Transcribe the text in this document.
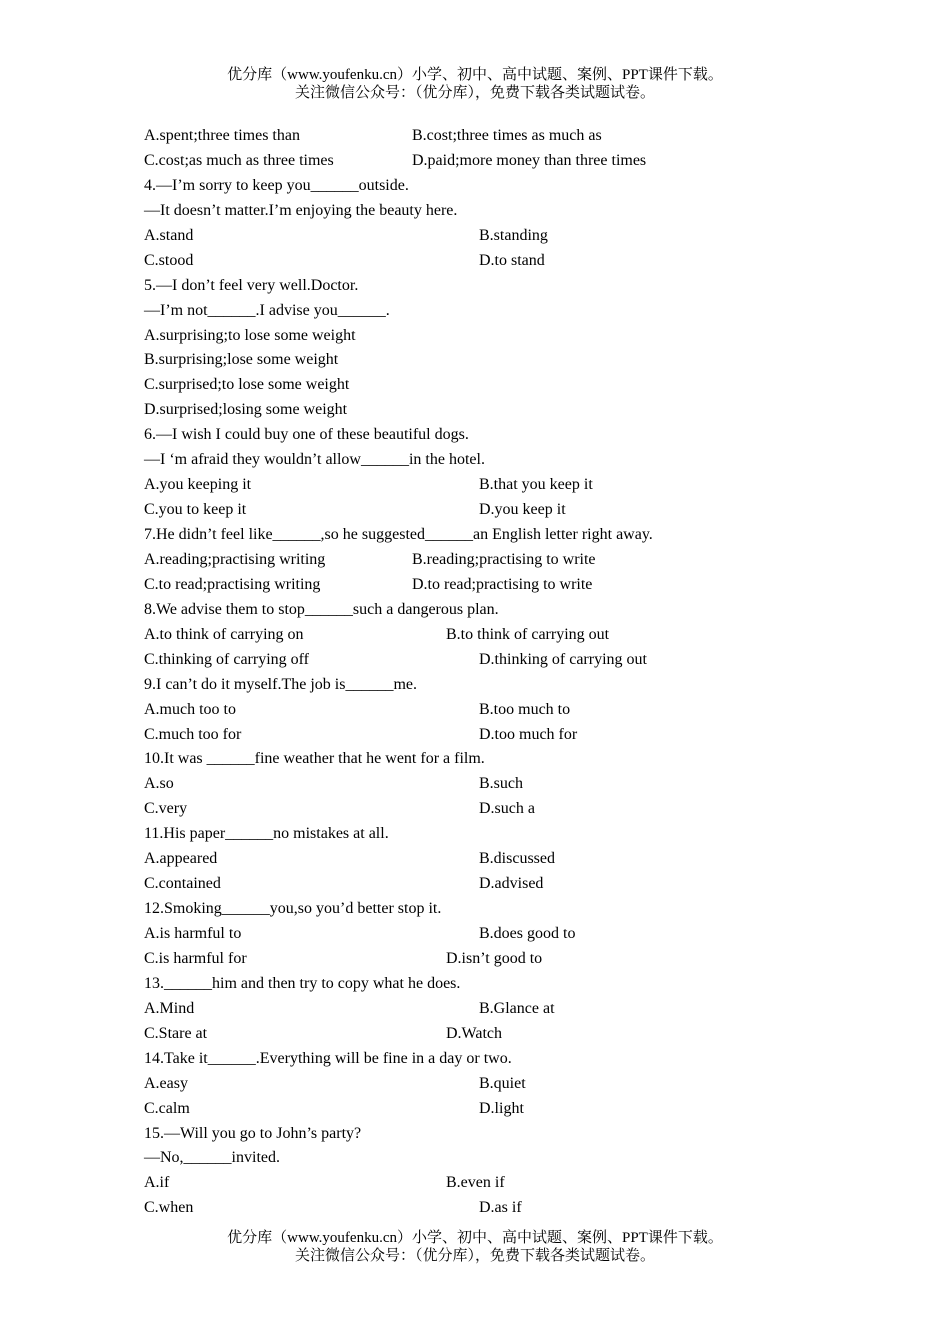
优分库（www.youfenku.cn）小学、初中、高中试题、案例、PPT课件下载。
关注微信公众号：（优分库），免费下载各类试题试卷。
A.spent;three times than	B.cost;three times as much as
C.cost;as much as three times	D.paid;more money than three times
4.—I’m sorry to keep you______outside.
—It doesn’t matter.I’m enjoying the beauty here.
A.stand	B.standing
C.stood	D.to stand
5.—I don’t feel very well.Doctor.
—I’m not______.I advise you______.
A.surprising;to lose some weight
B.surprising;lose some weight
C.surprised;to lose some weight
D.surprised;losing some weight
6.—I wish I could buy one of these beautiful dogs.
—I ‘m afraid they wouldn’t allow______in the hotel.
A.you keeping it	B.that you keep it
C.you to keep it	D.you keep it
7.He didn’t feel like______,so he suggested______an English letter right away.
A.reading;practising writing	B.reading;practising to write
C.to read;practising writing	D.to read;practising to write
8.We advise them to stop______such a dangerous plan.
A.to think of carrying on	B.to think of carrying out
C.thinking of carrying off	D.thinking of carrying out
9.I can’t do it myself.The job is______me.
A.much too to	B.too much to
C.much too for	D.too much for
10.It was ______fine weather that he went for a film.
A.so	B.such
C.very	D.such a
11.His paper______no mistakes at all.
A.appeared	B.discussed
C.contained	D.advised
12.Smoking______you,so you’d better stop it.
A.is harmful to	B.does good to
C.is harmful for	D.isn’t good to
13.______him and then try to copy what he does.
A.Mind	B.Glance at
C.Stare at	D.Watch
14.Take it______.Everything will be fine in a day or two.
A.easy	B.quiet
C.calm	D.light
15.—Will you go to John’s party?
—No,______invited.
A.if	B.even if
C.when	D.as if
优分库（www.youfenku.cn）小学、初中、高中试题、案例、PPT课件下载。
关注微信公众号：（优分库），免费下载各类试题试卷。
